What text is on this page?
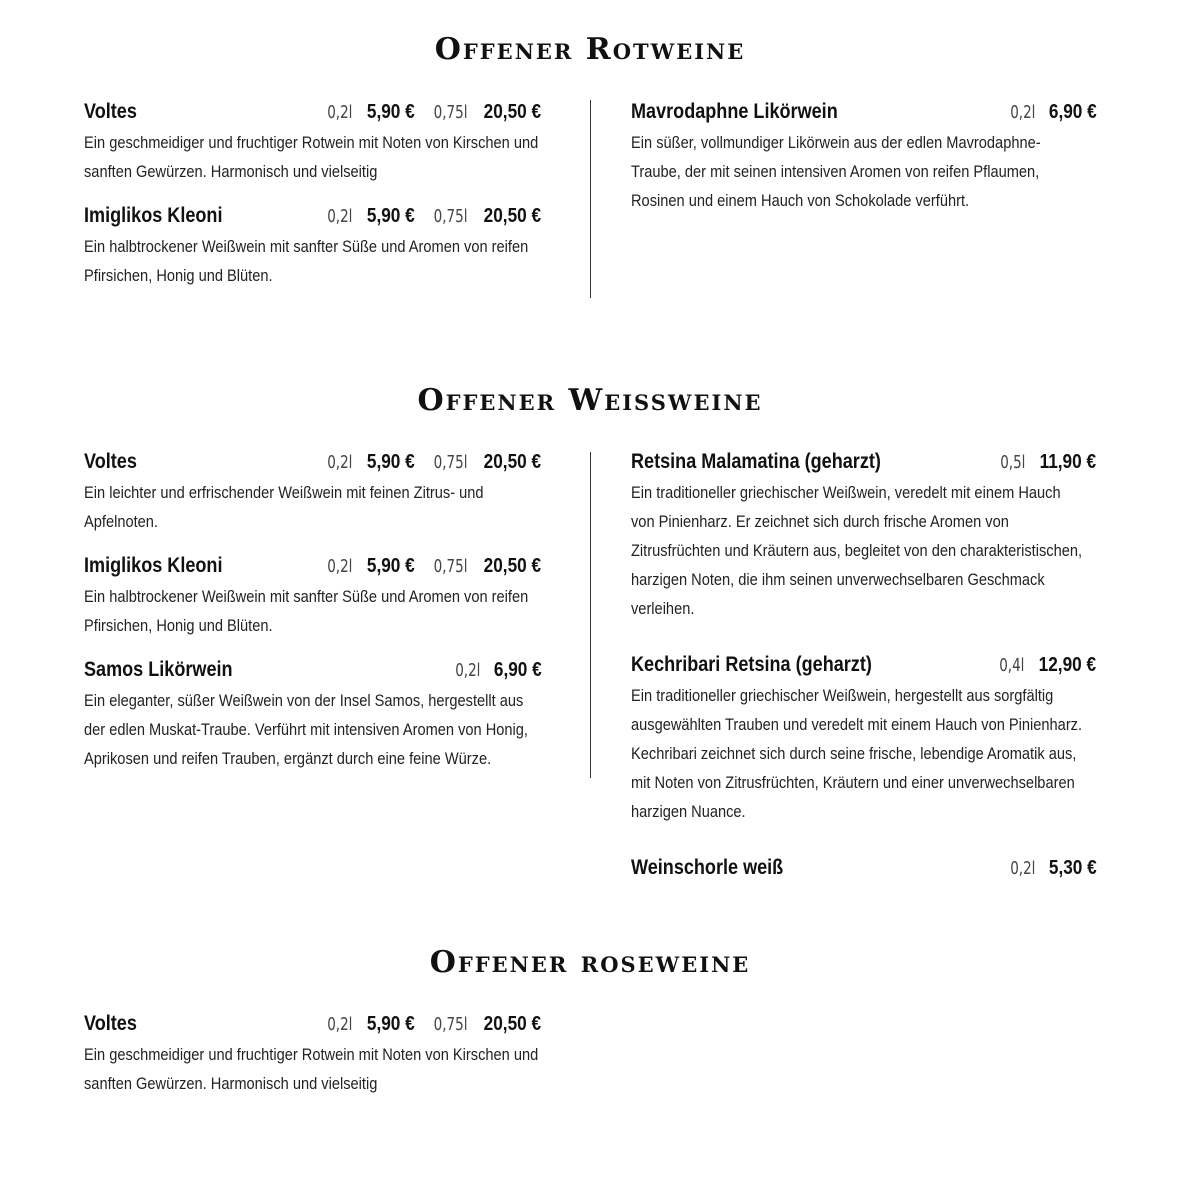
Offener Rotweine
Voltes	0,2l 5,90 € 0,75l 20,50 €
Ein geschmeidiger und fruchtiger Rotwein mit Noten von Kirschen und sanften Gewürzen. Harmonisch und vielseitig
Imiglikos Kleoni	0,2l 5,90 € 0,75l 20,50 €
Ein halbtrockener Weißwein mit sanfter Süße und Aromen von reifen Pfirsichen, Honig und Blüten.
Mavrodaphne Likörwein	0,2l 6,90 €
Ein süßer, vollmundiger Likörwein aus der edlen Mavrodaphne-Traube, der mit seinen intensiven Aromen von reifen Pflaumen, Rosinen und einem Hauch von Schokolade verführt.
Offener Weissweine
Voltes	0,2l 5,90 € 0,75l 20,50 €
Ein leichter und erfrischender Weißwein mit feinen Zitrus- und Apfelnoten.
Imiglikos Kleoni	0,2l 5,90 € 0,75l 20,50 €
Ein halbtrockener Weißwein mit sanfter Süße und Aromen von reifen Pfirsichen, Honig und Blüten.
Samos Likörwein	0,2l 6,90 €
Ein eleganter, süßer Weißwein von der Insel Samos, hergestellt aus der edlen Muskat-Traube. Verführt mit intensiven Aromen von Honig, Aprikosen und reifen Trauben, ergänzt durch eine feine Würze.
Retsina Malamatina (geharzt)	0,5l 11,90 €
Ein traditioneller griechischer Weißwein, veredelt mit einem Hauch von Pinienharz. Er zeichnet sich durch frische Aromen von Zitrusfrüchten und Kräutern aus, begleitet von den charakteristischen, harzigen Noten, die ihm seinen unverwechselbaren Geschmack verleihen.
Kechribari Retsina (geharzt)	0,4l 12,90 €
Ein traditioneller griechischer Weißwein, hergestellt aus sorgfältig ausgewählten Trauben und veredelt mit einem Hauch von Pinienharz. Kechribari zeichnet sich durch seine frische, lebendige Aromatik aus, mit Noten von Zitrusfrüchten, Kräutern und einer unverwechselbaren harzigen Nuance.
Weinschorle weiß	0,2l 5,30 €
Offener roseweine
Voltes	0,2l 5,90 € 0,75l 20,50 €
Ein geschmeidiger und fruchtiger Rotwein mit Noten von Kirschen und sanften Gewürzen. Harmonisch und vielseitig
